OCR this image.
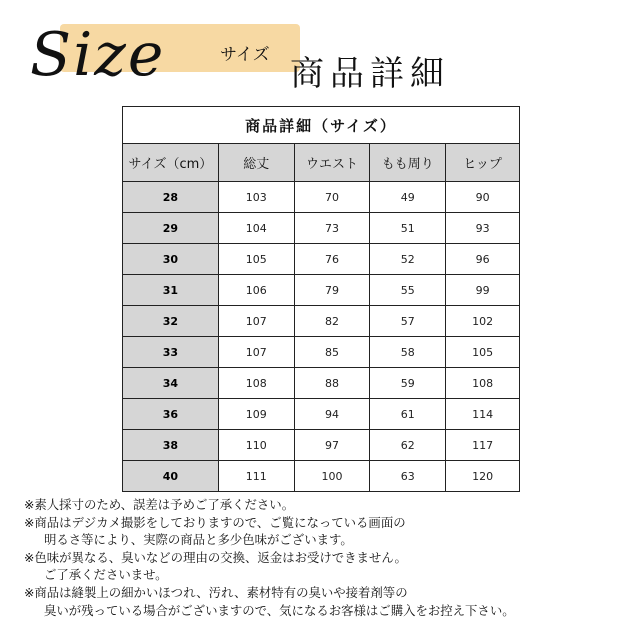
Size	サイズ 商品詳細
商品詳細（サイズ）				
サイズ（cm）	総丈	ウエスト	もも周り	ヒップ
28	103	70	49	90
29	104	73	51	93
30	105	76	52	96
31	106	79	55	99
32	107	82	57	102
33	107	85	58	105
34	108	88	59	108
36	109	94	61	114
38	110	97	62	117
40	111	100	63	120
※素人採寸のため、誤差は予めご了承ください。
※商品はデジカメ撮影をしておりますので、ご覧になっている画面の
明るさ等により、実際の商品と多少色味がございます。
※色味が異なる、臭いなどの理由の交換、返金はお受けできません。
ご了承くださいませ。
※商品は縫製上の細かいほつれ、汚れ、素材特有の臭いや接着剤等の
臭いが残っている場合がございますので、気になるお客様はご購入をお控え下さい。
